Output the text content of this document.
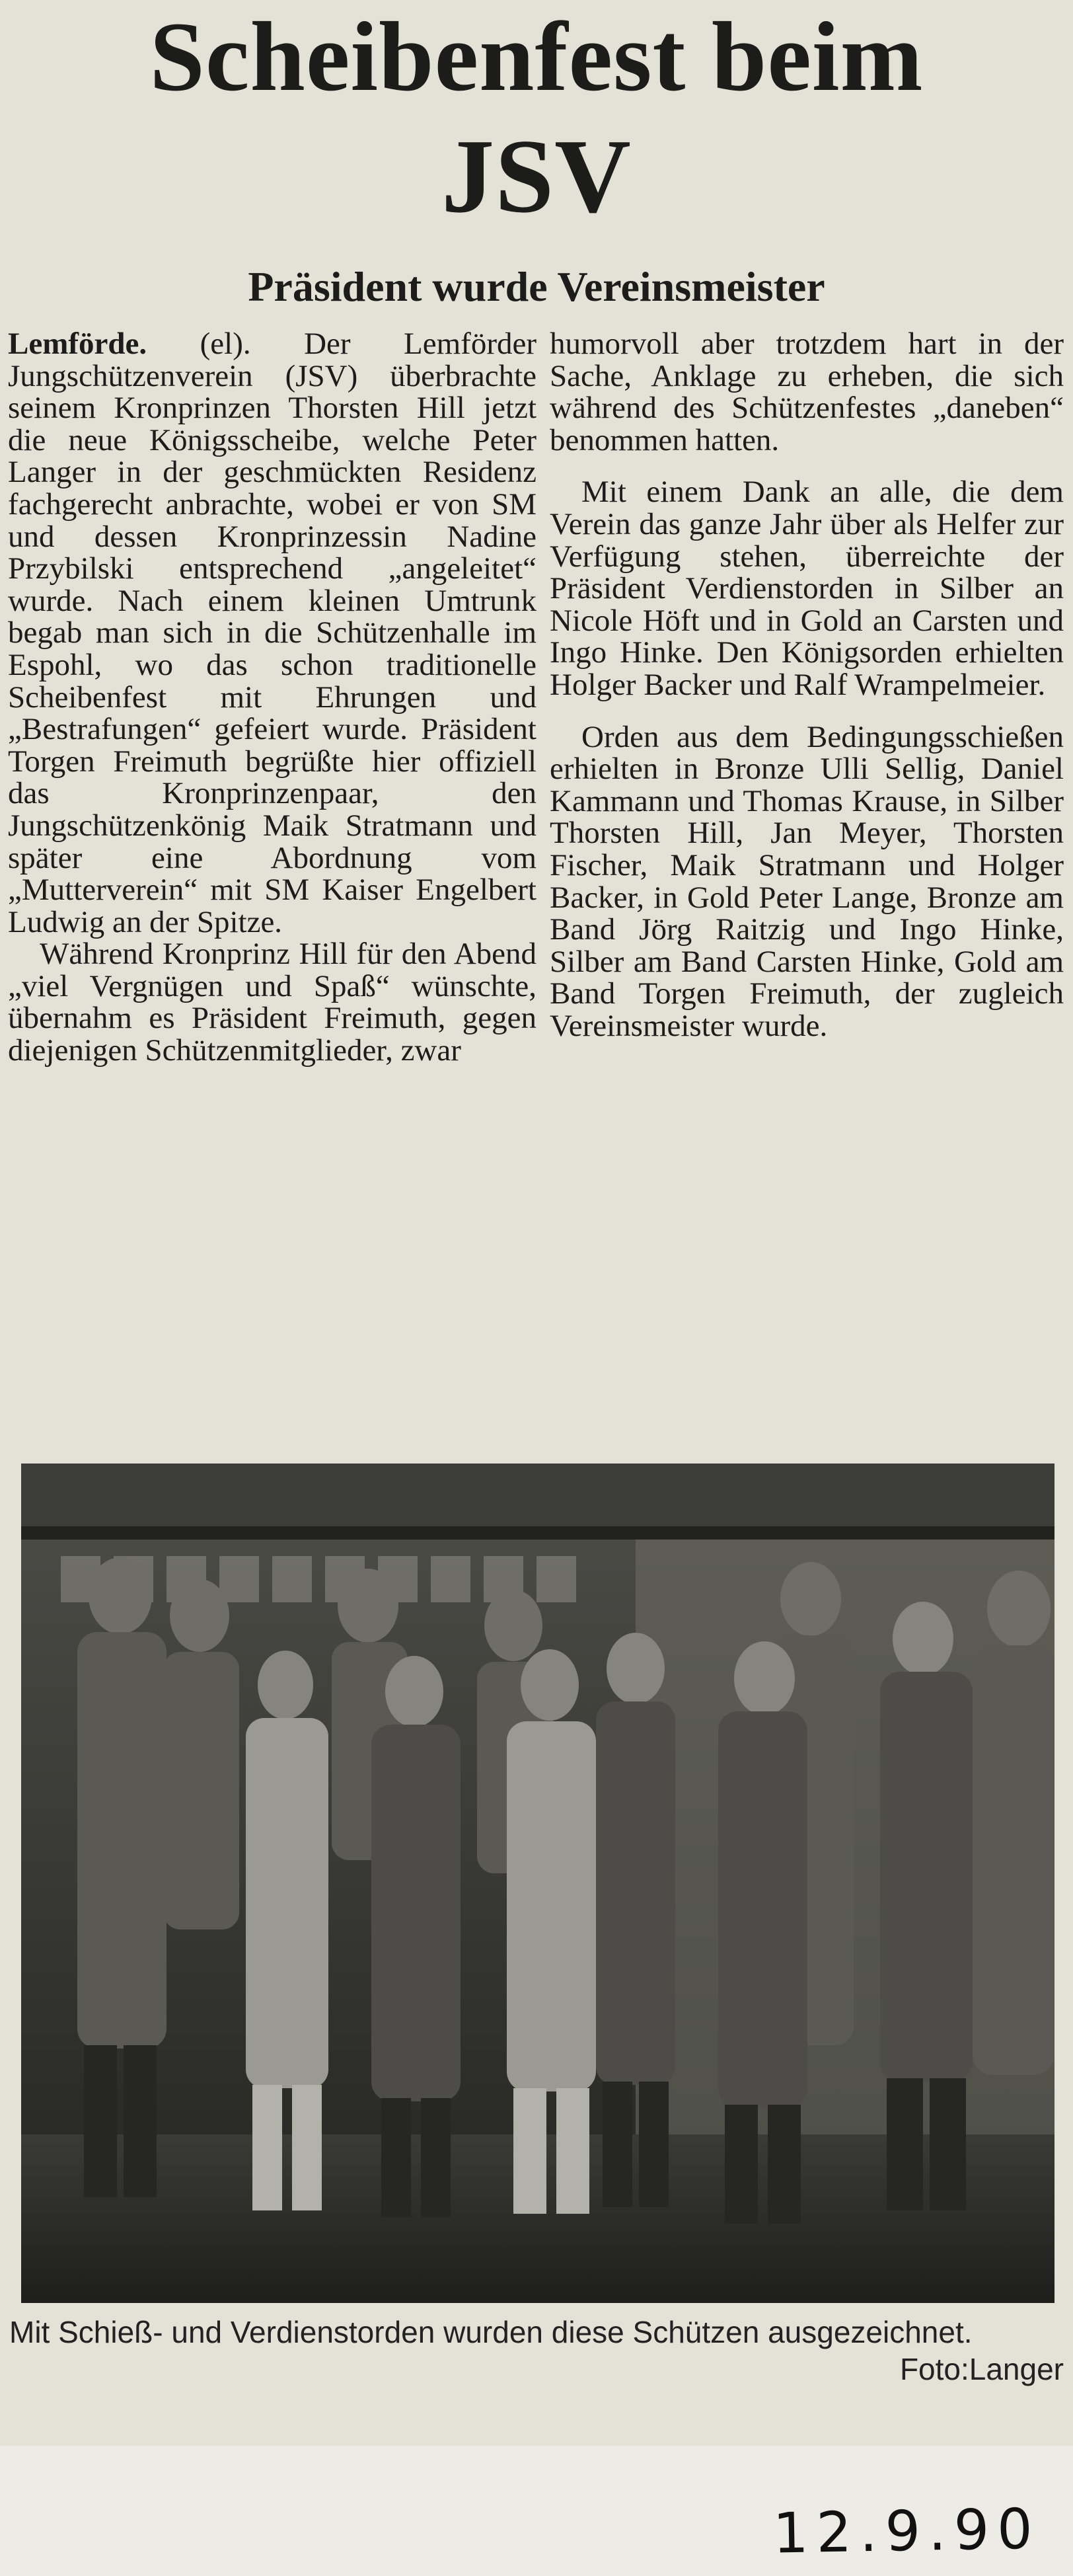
Scheibenfest beim
JSV
Präsident wurde Vereinsmeister

Lemförde. (el). Der Lemförder Jungschützenverein (JSV) überbrachte seinem Kronprinzen Thorsten Hill jetzt die neue Königsscheibe, welche Peter Langer in der geschmückten Residenz fachgerecht anbrachte, wobei er von SM und dessen Kronprinzessin Nadine Przybilski entsprechend „angeleitet“ wurde. Nach einem kleinen Umtrunk begab man sich in die Schützenhalle im Espohl, wo das schon traditionelle Scheibenfest mit Ehrungen und „Bestrafungen“ gefeiert wurde. Präsident Torgen Freimuth begrüßte hier offiziell das Kronprinzenpaar, den Jungschützenkönig Maik Stratmann und später eine Abordnung vom „Mutterverein“ mit SM Kaiser Engelbert Ludwig an der Spitze.

Während Kronprinz Hill für den Abend „viel Vergnügen und Spaß“ wünschte, übernahm es Präsident Freimuth, gegen diejenigen Schützenmitglieder, zwar

humorvoll aber trotzdem hart in der Sache, Anklage zu erheben, die sich während des Schützenfestes „daneben“ benommen hatten.

Mit einem Dank an alle, die dem Verein das ganze Jahr über als Helfer zur Verfügung stehen, überreichte der Präsident Verdienstorden in Silber an Nicole Höft und in Gold an Carsten und Ingo Hinke. Den Königsorden erhielten Holger Backer und Ralf Wrampelmeier.

Orden aus dem Bedingungsschießen erhielten in Bronze Ulli Sellig, Daniel Kammann und Thomas Krause, in Silber Thorsten Hill, Jan Meyer, Thorsten Fischer, Maik Stratmann und Holger Backer, in Gold Peter Lange, Bronze am Band Jörg Raitzig und Ingo Hinke, Silber am Band Carsten Hinke, Gold am Band Torgen Freimuth, der zugleich Vereinsmeister wurde.

Mit Schieß- und Verdienstorden wurden diese Schützen ausgezeichnet.
Foto:Langer
12.9.90
